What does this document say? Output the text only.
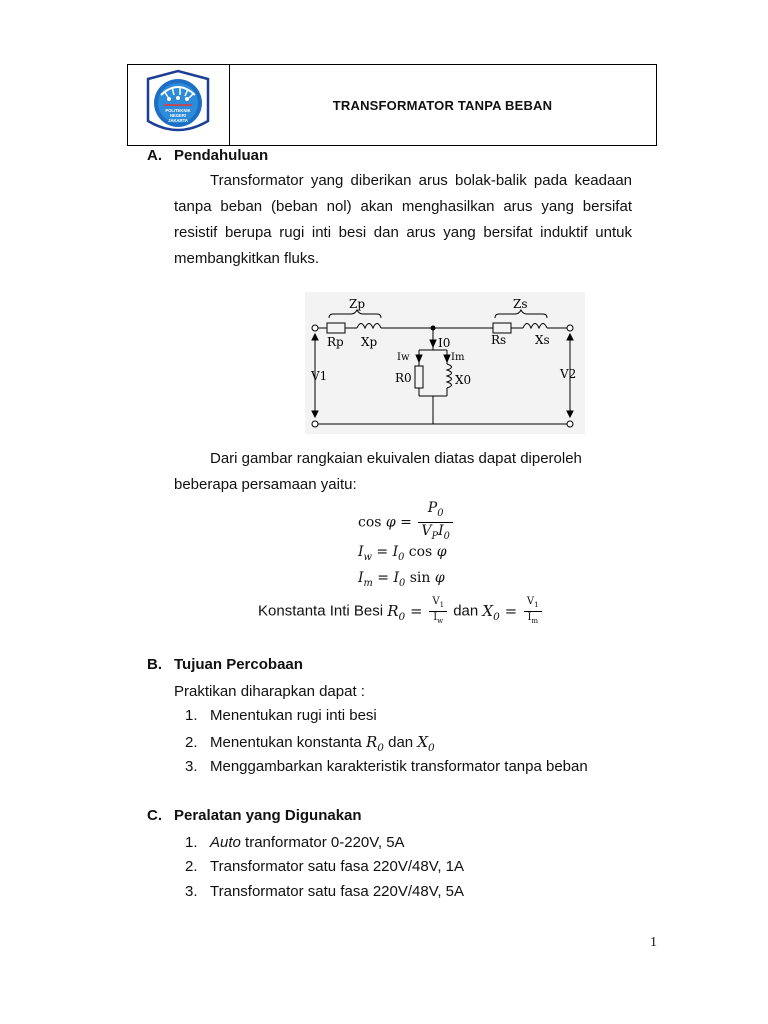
POLITEKNIK
NEGERI
JAKARTA
TRANSFORMATOR TANPA BEBAN
A. Pendahuluan
Transformator yang diberikan arus bolak-balik pada keadaan
tanpa beban (beban nol) akan menghasilkan arus yang bersifat
resistif berupa rugi inti besi dan arus yang bersifat induktif untuk
membangkitkan fluks.
Zp	Zs
Rp Xp	Rs Xs
I0
Iw	Im
R0	X0
V1	V2
Dari gambar rangkaian ekuivalen diatas dapat diperoleh
beberapa persamaan yaitu:
$\cos \varphi = \frac{P_0}{V_PI_0}$
$I_w = I_0$ cos φ
$I_m = I_0$ sin φ
Konstanta Inti Besi $R_0 = \frac{V_1}{I_w}$ dan $X_0 = \frac{V_1}{I_m}$
B. Tujuan Percobaan
Praktikan diharapkan dapat :
1. Menentukan rugi inti besi
2. Menentukan konstanta $R_0$ dan $X_0$
3. Menggambarkan karakteristik transformator tanpa beban
C. Peralatan yang Digunakan
1. Auto tranformator 0-220V, 5A
2. Transformator satu fasa 220V/48V, 1A
3. Transformator satu fasa 220V/48V, 5A
1
